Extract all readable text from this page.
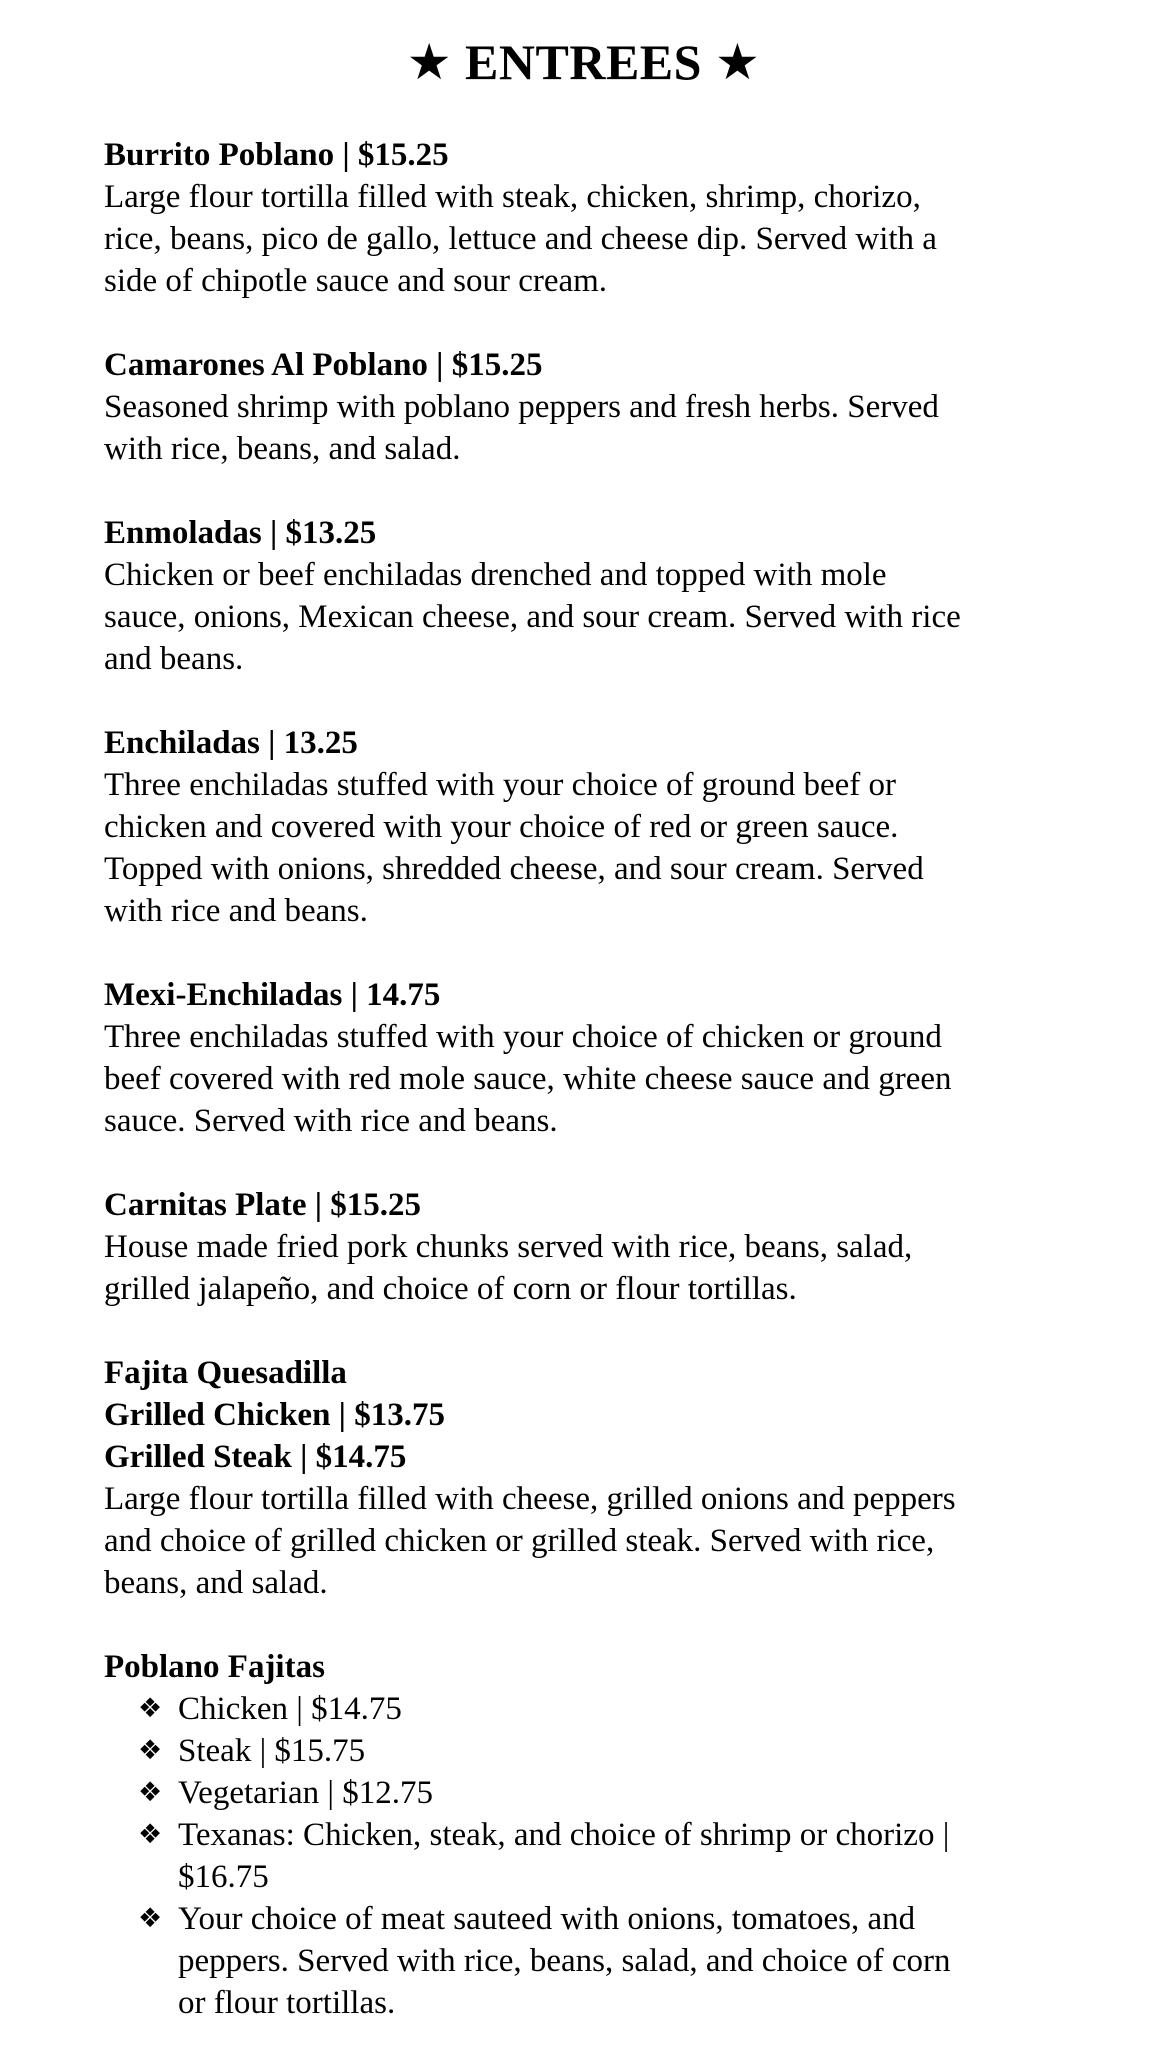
★ ENTREES ★
Burrito Poblano | $15.25
Large flour tortilla filled with steak, chicken, shrimp, chorizo,
rice, beans, pico de gallo, lettuce and cheese dip. Served with a
side of chipotle sauce and sour cream.
Camarones Al Poblano | $15.25
Seasoned shrimp with poblano peppers and fresh herbs. Served
with rice, beans, and salad.
Enmoladas | $13.25
Chicken or beef enchiladas drenched and topped with mole
sauce, onions, Mexican cheese, and sour cream. Served with rice
and beans.
Enchiladas | 13.25
Three enchiladas stuffed with your choice of ground beef or
chicken and covered with your choice of red or green sauce.
Topped with onions, shredded cheese, and sour cream. Served
with rice and beans.
Mexi-Enchiladas | 14.75
Three enchiladas stuffed with your choice of chicken or ground
beef covered with red mole sauce, white cheese sauce and green
sauce. Served with rice and beans.
Carnitas Plate | $15.25
House made fried pork chunks served with rice, beans, salad,
grilled jalapeño, and choice of corn or flour tortillas.
Fajita Quesadilla
Grilled Chicken | $13.75
Grilled Steak | $14.75
Large flour tortilla filled with cheese, grilled onions and peppers
and choice of grilled chicken or grilled steak. Served with rice,
beans, and salad.
Poblano Fajitas
❖ Chicken | $14.75
❖ Steak | $15.75
❖ Vegetarian | $12.75
❖ Texanas: Chicken, steak, and choice of shrimp or chorizo |
$16.75
❖ Your choice of meat sauteed with onions, tomatoes, and
peppers. Served with rice, beans, salad, and choice of corn
or flour tortillas.
